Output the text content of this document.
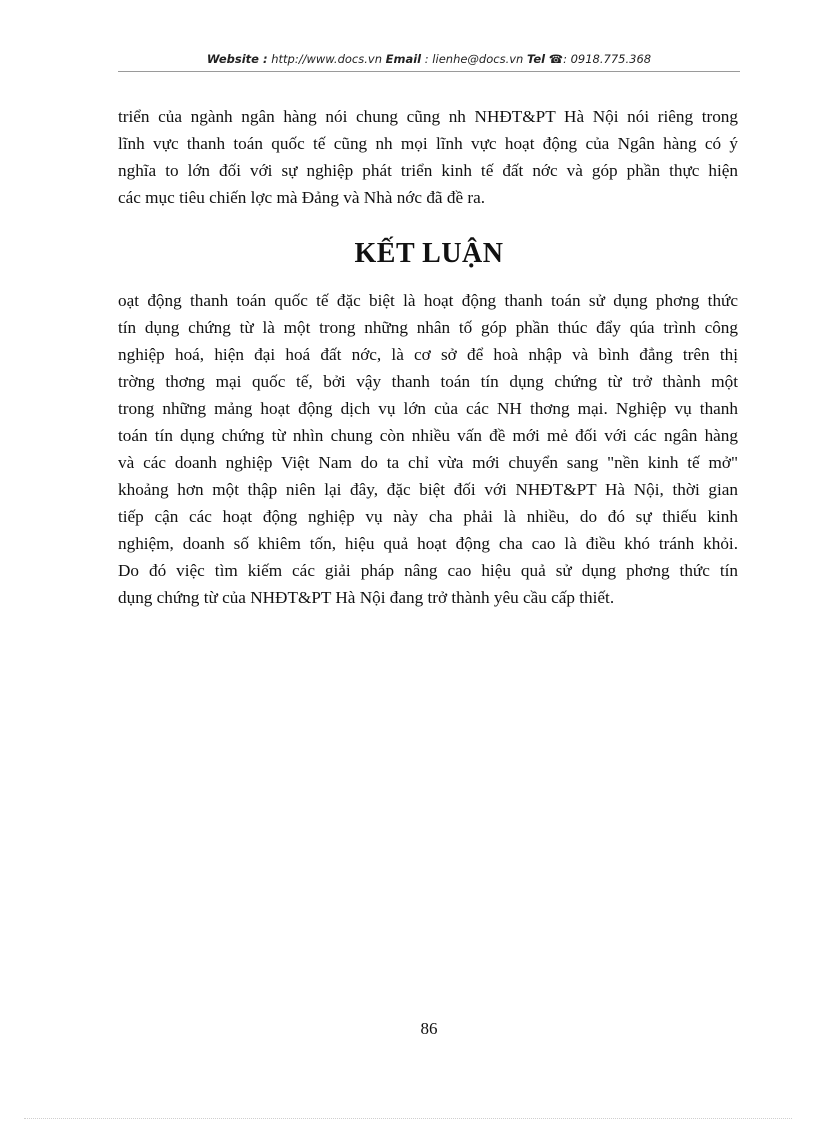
Website : http://www.docs.vn Email : lienhe@docs.vn Tel ☎: 0918.775.368
triển của ngành ngân hàng nói chung cũng nh NHĐT&PT Hà Nội nói riêng trong
lĩnh vực thanh toán quốc tế cũng nh mọi lĩnh vực hoạt động của Ngân hàng có ý
nghĩa to lớn đối với sự nghiệp phát triển kinh tế đất nớc và góp phần thực hiện
các mục tiêu chiến lợc mà Đảng và Nhà nớc đã đề ra.
KẾT LUẬN
oạt động thanh toán quốc tế đặc biệt là hoạt động thanh toán sử dụng phơng thức
tín dụng chứng từ là một trong những nhân tố góp phần thúc đẩy qúa trình công
nghiệp hoá, hiện đại hoá đất nớc, là cơ sở để hoà nhập và bình đẳng trên thị
trờng thơng mại quốc tế, bởi vậy thanh toán tín dụng chứng từ trở thành một
trong những mảng hoạt động dịch vụ lớn của các NH thơng mại. Nghiệp vụ thanh
toán tín dụng chứng từ nhìn chung còn nhiều vấn đề mới mẻ đối với các ngân hàng
và các doanh nghiệp Việt Nam do ta chỉ vừa mới chuyển sang "nền kinh tế mở"
khoảng hơn một thập niên lại đây, đặc biệt đối với NHĐT&PT Hà Nội, thời gian
tiếp cận các hoạt động nghiệp vụ này cha phải là nhiều, do đó sự thiếu kinh
nghiệm, doanh số khiêm tốn, hiệu quả hoạt động cha cao là điều khó tránh khỏi.
Do đó việc tìm kiếm các giải pháp nâng cao hiệu quả sử dụng phơng thức tín
dụng chứng từ của NHĐT&PT Hà Nội đang trở thành yêu cầu cấp thiết.
86
